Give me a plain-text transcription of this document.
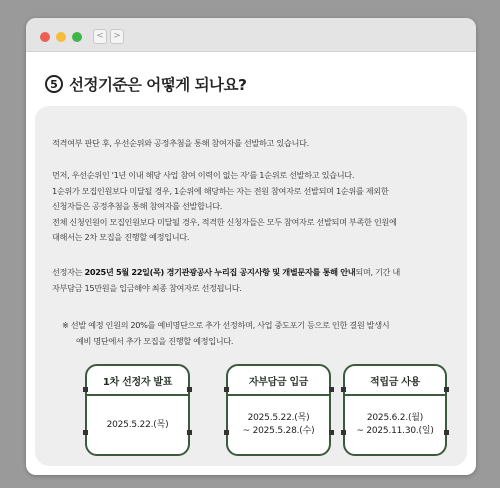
<	>
5 선정기준은 어떻게 되나요?
적격여부 판단 후, 우선순위와 공정추첨을 통해 참여자를 선발하고 있습니다.
먼저, 우선순위인 '1년 이내 해당 사업 참여 이력이 없는 자'를 1순위로 선발하고 있습니다.
1순위가 모집인원보다 미달될 경우, 1순위에 해당하는 자는 전원 참여자로 선발되며 1순위를 제외한
신청자들은 공정추첨을 통해 참여자를 선발합니다.
전체 신청인원이 모집인원보다 미달될 경우, 적격한 신청자들은 모두 참여자로 선발되며 부족한 인원에
대해서는 2차 모집을 진행할 예정입니다.
선정자는 2025년 5월 22일(목) 경기관광공사 누리집 공지사항 및 개별문자를 통해 안내되며, 기간 내
자부담금 15만원을 입금해야 최종 참여자로 선정됩니다.
※ 선발 예정 인원의 20%를 예비명단으로 추가 선정하며, 사업 중도포기 등으로 인한 결원 발생시
예비 명단에서 추가 모집을 진행할 예정입니다.
1차 선정자 발표
2025.5.22.(목)
자부담금 입금
2025.5.22.(목)
~ 2025.5.28.(수)
적립금 사용
2025.6.2.(월)
~ 2025.11.30.(일)
